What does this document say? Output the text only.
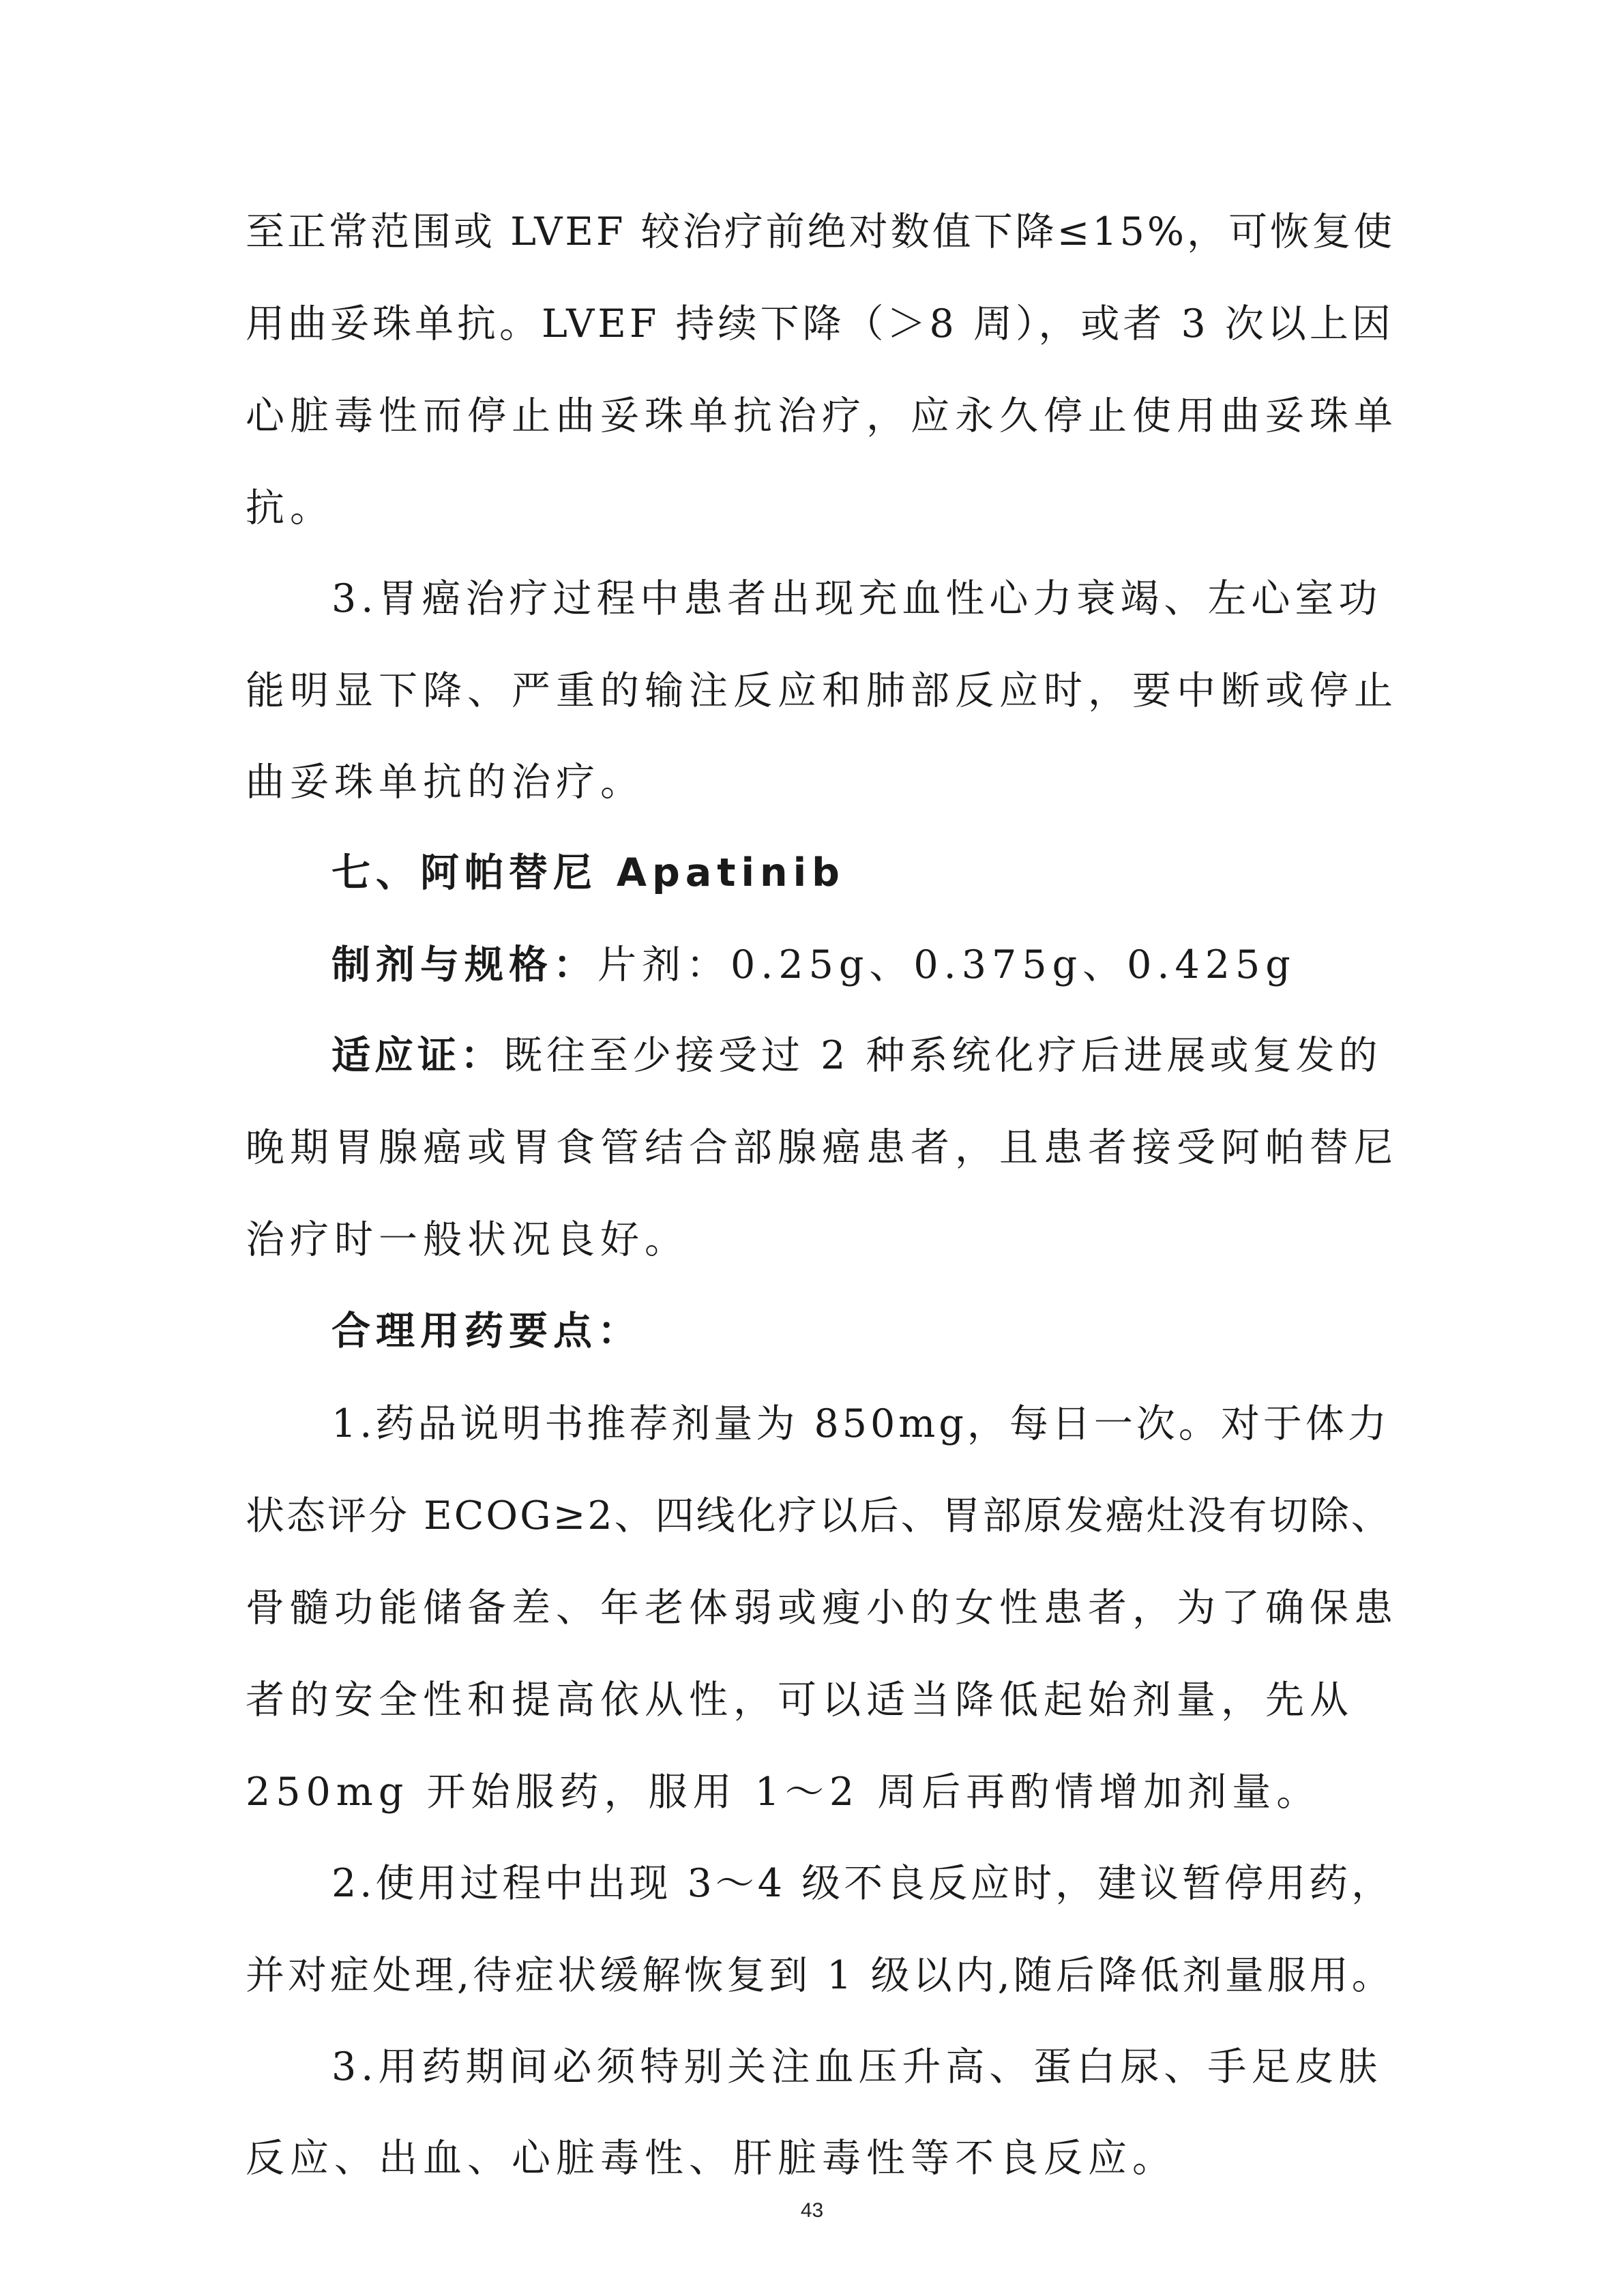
至正常范围或 LVEF 较治疗前绝对数值下降≤15%，可恢复使
用曲妥珠单抗。LVEF 持续下降（＞8 周），或者 3 次以上因
心脏毒性而停止曲妥珠单抗治疗，应永久停止使用曲妥珠单
抗。
3.胃癌治疗过程中患者出现充血性心力衰竭、左心室功
能明显下降、严重的输注反应和肺部反应时，要中断或停止
曲妥珠单抗的治疗。
七、阿帕替尼 Apatinib
制剂与规格：片剂：0.25g、0.375g、0.425g
适应证：既往至少接受过 2 种系统化疗后进展或复发的
晚期胃腺癌或胃食管结合部腺癌患者，且患者接受阿帕替尼
治疗时一般状况良好。
合理用药要点：
1.药品说明书推荐剂量为 850mg，每日一次。对于体力
状态评分 ECOG≥2、四线化疗以后、胃部原发癌灶没有切除、
骨髓功能储备差、年老体弱或瘦小的女性患者，为了确保患
者的安全性和提高依从性，可以适当降低起始剂量，先从
250mg 开始服药，服用 1～2 周后再酌情增加剂量。
2.使用过程中出现 3～4 级不良反应时，建议暂停用药，
并对症处理,待症状缓解恢复到 1 级以内,随后降低剂量服用。
3.用药期间必须特别关注血压升高、蛋白尿、手足皮肤
反应、出血、心脏毒性、肝脏毒性等不良反应。
43
